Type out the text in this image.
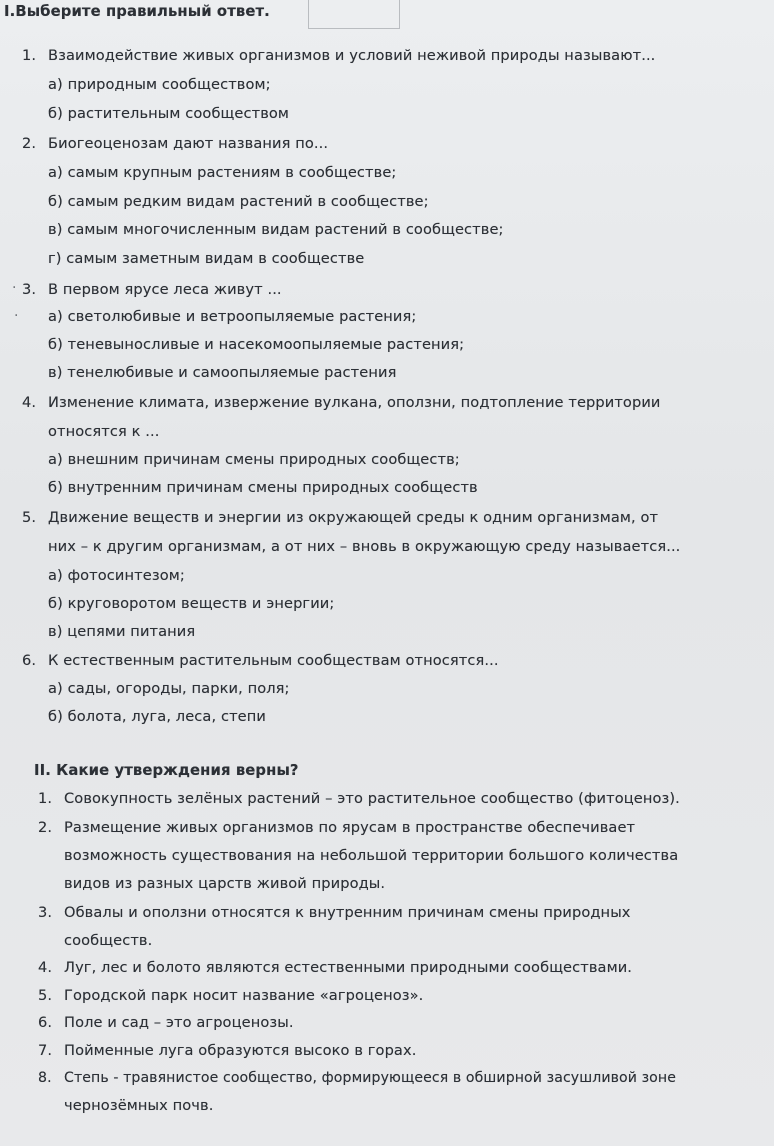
I.Выберите правильный ответ.
1. Взаимодействие живых организмов и условий неживой природы называют...
а) природным сообществом;
б) растительным сообществом
2. Биогеоценозам дают названия по...
а) самым крупным растениям в сообществе;
б) самым редким видам растений в сообществе;
в) самым многочисленным видам растений в сообществе;
г) самым заметным видам в сообществе
· 3. В первом ярусе леса живут ...
· а) светолюбивые и ветроопыляемые растения;
б) теневыносливые и насекомоопыляемые растения;
в) тенелюбивые и самоопыляемые растения
4. Изменение климата, извержение вулкана, оползни, подтопление территории
относятся к ...
а) внешним причинам смены природных сообществ;
б) внутренним причинам смены природных сообществ
5. Движение веществ и энергии из окружающей среды к одним организмам, от
них – к другим организмам, а от них – вновь в окружающую среду называется...
а) фотосинтезом;
б) круговоротом веществ и энергии;
в) цепями питания
6. К естественным растительным сообществам относятся...
а) сады, огороды, парки, поля;
б) болота, луга, леса, степи
II. Какие утверждения верны?
1. Совокупность зелёных растений – это растительное сообщество (фитоценоз).
2. Размещение живых организмов по ярусам в пространстве обеспечивает
возможность существования на небольшой территории большого количества
видов из разных царств живой природы.
3. Обвалы и оползни относятся к внутренним причинам смены природных
сообществ.
4. Луг, лес и болото являются естественными природными сообществами.
5. Городской парк носит название «агроценоз».
6. Поле и сад – это агроценозы.
7. Пойменные луга образуются высоко в горах.
8. Степь - травянистое сообщество, формирующееся в обширной засушливой зоне
чернозёмных почв.
